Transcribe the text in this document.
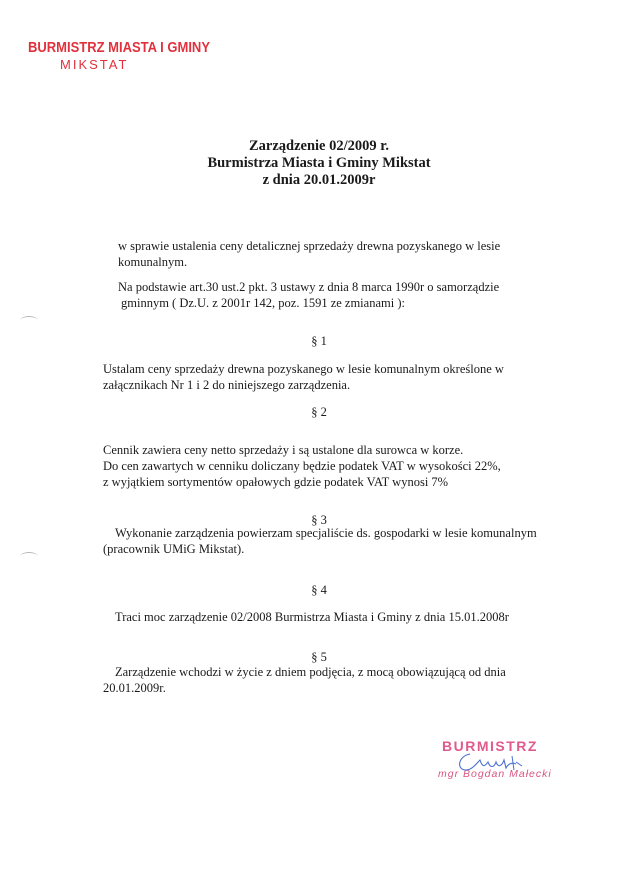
BURMISTRZ MIASTA I GMINY
MIKSTAT
Zarządzenie 02/2009 r.
Burmistrza Miasta i Gminy Mikstat
z dnia 20.01.2009r
w sprawie ustalenia ceny detalicznej sprzedaży drewna pozyskanego w lesie
komunalnym.
Na podstawie art.30 ust.2 pkt. 3 ustawy z dnia 8 marca 1990r o samorządzie
gminnym ( Dz.U. z 2001r 142, poz. 1591 ze zmianami ):
§ 1
Ustalam ceny sprzedaży drewna pozyskanego w lesie komunalnym określone w
załącznikach Nr 1 i 2 do niniejszego zarządzenia.
§ 2
Cennik zawiera ceny netto sprzedaży i są ustalone dla surowca w korze.
Do cen zawartych w cenniku doliczany będzie podatek VAT w wysokości 22%,
z wyjątkiem sortymentów opałowych gdzie podatek VAT wynosi 7%
§ 3
Wykonanie zarządzenia powierzam specjaliście ds. gospodarki w lesie komunalnym
(pracownik UMiG Mikstat).
§ 4
Traci moc zarządzenie 02/2008 Burmistrza Miasta i Gminy z dnia 15.01.2008r
§ 5
Zarządzenie wchodzi w życie z dniem podjęcia, z mocą obowiązującą od dnia
20.01.2009r.
BURMISTRZ
mgr Bogdan Małecki
